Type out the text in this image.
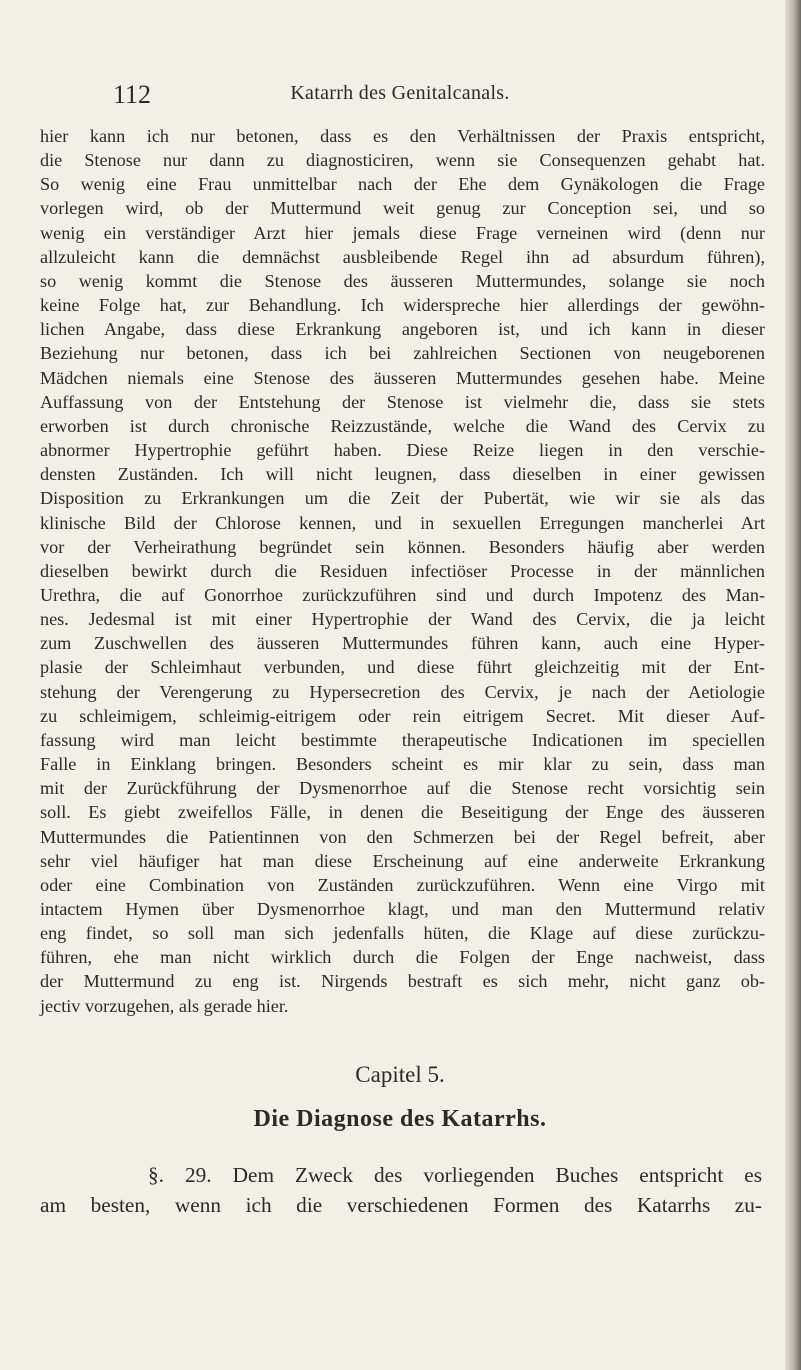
112	Katarrh des Genitalcanals.

hier kann ich nur betonen, dass es den Verhältnissen der Praxis entspricht,
die Stenose nur dann zu diagnosticiren, wenn sie Consequenzen gehabt hat.
So wenig eine Frau unmittelbar nach der Ehe dem Gynäkologen die Frage
vorlegen wird, ob der Muttermund weit genug zur Conception sei, und so
wenig ein verständiger Arzt hier jemals diese Frage verneinen wird (denn nur
allzuleicht kann die demnächst ausbleibende Regel ihn ad absurdum führen),
so wenig kommt die Stenose des äusseren Muttermundes, solange sie noch
keine Folge hat, zur Behandlung. Ich widerspreche hier allerdings der gewöhn-
lichen Angabe, dass diese Erkrankung angeboren ist, und ich kann in dieser
Beziehung nur betonen, dass ich bei zahlreichen Sectionen von neugeborenen
Mädchen niemals eine Stenose des äusseren Muttermundes gesehen habe. Meine
Auffassung von der Entstehung der Stenose ist vielmehr die, dass sie stets
erworben ist durch chronische Reizzustände, welche die Wand des Cervix zu
abnormer Hypertrophie geführt haben. Diese Reize liegen in den verschie-
densten Zuständen. Ich will nicht leugnen, dass dieselben in einer gewissen
Disposition zu Erkrankungen um die Zeit der Pubertät, wie wir sie als das
klinische Bild der Chlorose kennen, und in sexuellen Erregungen mancherlei Art
vor der Verheirathung begründet sein können. Besonders häufig aber werden
dieselben bewirkt durch die Residuen infectiöser Processe in der männlichen
Urethra, die auf Gonorrhoe zurückzuführen sind und durch Impotenz des Man-
nes. Jedesmal ist mit einer Hypertrophie der Wand des Cervix, die ja leicht
zum Zuschwellen des äusseren Muttermundes führen kann, auch eine Hyper-
plasie der Schleimhaut verbunden, und diese führt gleichzeitig mit der Ent-
stehung der Verengerung zu Hypersecretion des Cervix, je nach der Aetiologie
zu schleimigem, schleimig-eitrigem oder rein eitrigem Secret. Mit dieser Auf-
fassung wird man leicht bestimmte therapeutische Indicationen im speciellen
Falle in Einklang bringen. Besonders scheint es mir klar zu sein, dass man
mit der Zurückführung der Dysmenorrhoe auf die Stenose recht vorsichtig sein
soll. Es giebt zweifellos Fälle, in denen die Beseitigung der Enge des äusseren
Muttermundes die Patientinnen von den Schmerzen bei der Regel befreit, aber
sehr viel häufiger hat man diese Erscheinung auf eine anderweite Erkrankung
oder eine Combination von Zuständen zurückzuführen. Wenn eine Virgo mit
intactem Hymen über Dysmenorrhoe klagt, und man den Muttermund relativ
eng findet, so soll man sich jedenfalls hüten, die Klage auf diese zurückzu-
führen, ehe man nicht wirklich durch die Folgen der Enge nachweist, dass
der Muttermund zu eng ist. Nirgends bestraft es sich mehr, nicht ganz ob-
jectiv vorzugehen, als gerade hier.

Capitel 5.
Die Diagnose des Katarrhs.

§. 29. Dem Zweck des vorliegenden Buches entspricht es
am besten, wenn ich die verschiedenen Formen des Katarrhs zu-
